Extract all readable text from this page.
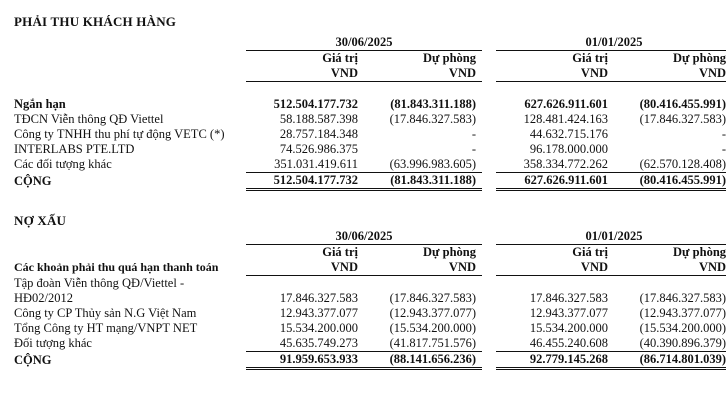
PHẢI THU KHÁCH HÀNG
	30/06/2025			01/01/2025	
	Giá trị	Dự phòng		Giá trị	Dự phòng
	VND	VND		VND	VND

Ngắn hạn	512.504.177.732	(81.843.311.188)		627.626.911.601	(80.416.455.991)
TĐCN Viễn thông QĐ Viettel	58.188.587.398	(17.846.327.583)		128.481.424.163	(17.846.327.583)
Công ty TNHH thu phí tự động VETC (*)	28.757.184.348	-		44.632.715.176	-
INTERLABS PTE.LTD	74.526.986.375	-		96.178.000.000	-
Các đối tượng khác	351.031.419.611	(63.996.983.605)		358.334.772.262	(62.570.128.408)
CỘNG	512.504.177.732	(81.843.311.188)		627.626.911.601	(80.416.455.991)
NỢ XẤU
	30/06/2025			01/01/2025	
	Giá trị	Dự phòng		Giá trị	Dự phòng
Các khoản phải thu quá hạn thanh toán	VND	VND		VND	VND
Tập đoàn Viễn thông QĐ/Viettel -					
HĐ02/2012	17.846.327.583	(17.846.327.583)		17.846.327.583	(17.846.327.583)
Công ty CP Thủy sản N.G Việt Nam	12.943.377.077	(12.943.377.077)		12.943.377.077	(12.943.377.077)
Tổng Công ty HT mạng/VNPT NET	15.534.200.000	(15.534.200.000)		15.534.200.000	(15.534.200.000)
Đối tượng khác	45.635.749.273	(41.817.751.576)		46.455.240.608	(40.390.896.379)
CỘNG	91.959.653.933	(88.141.656.236)		92.779.145.268	(86.714.801.039)
